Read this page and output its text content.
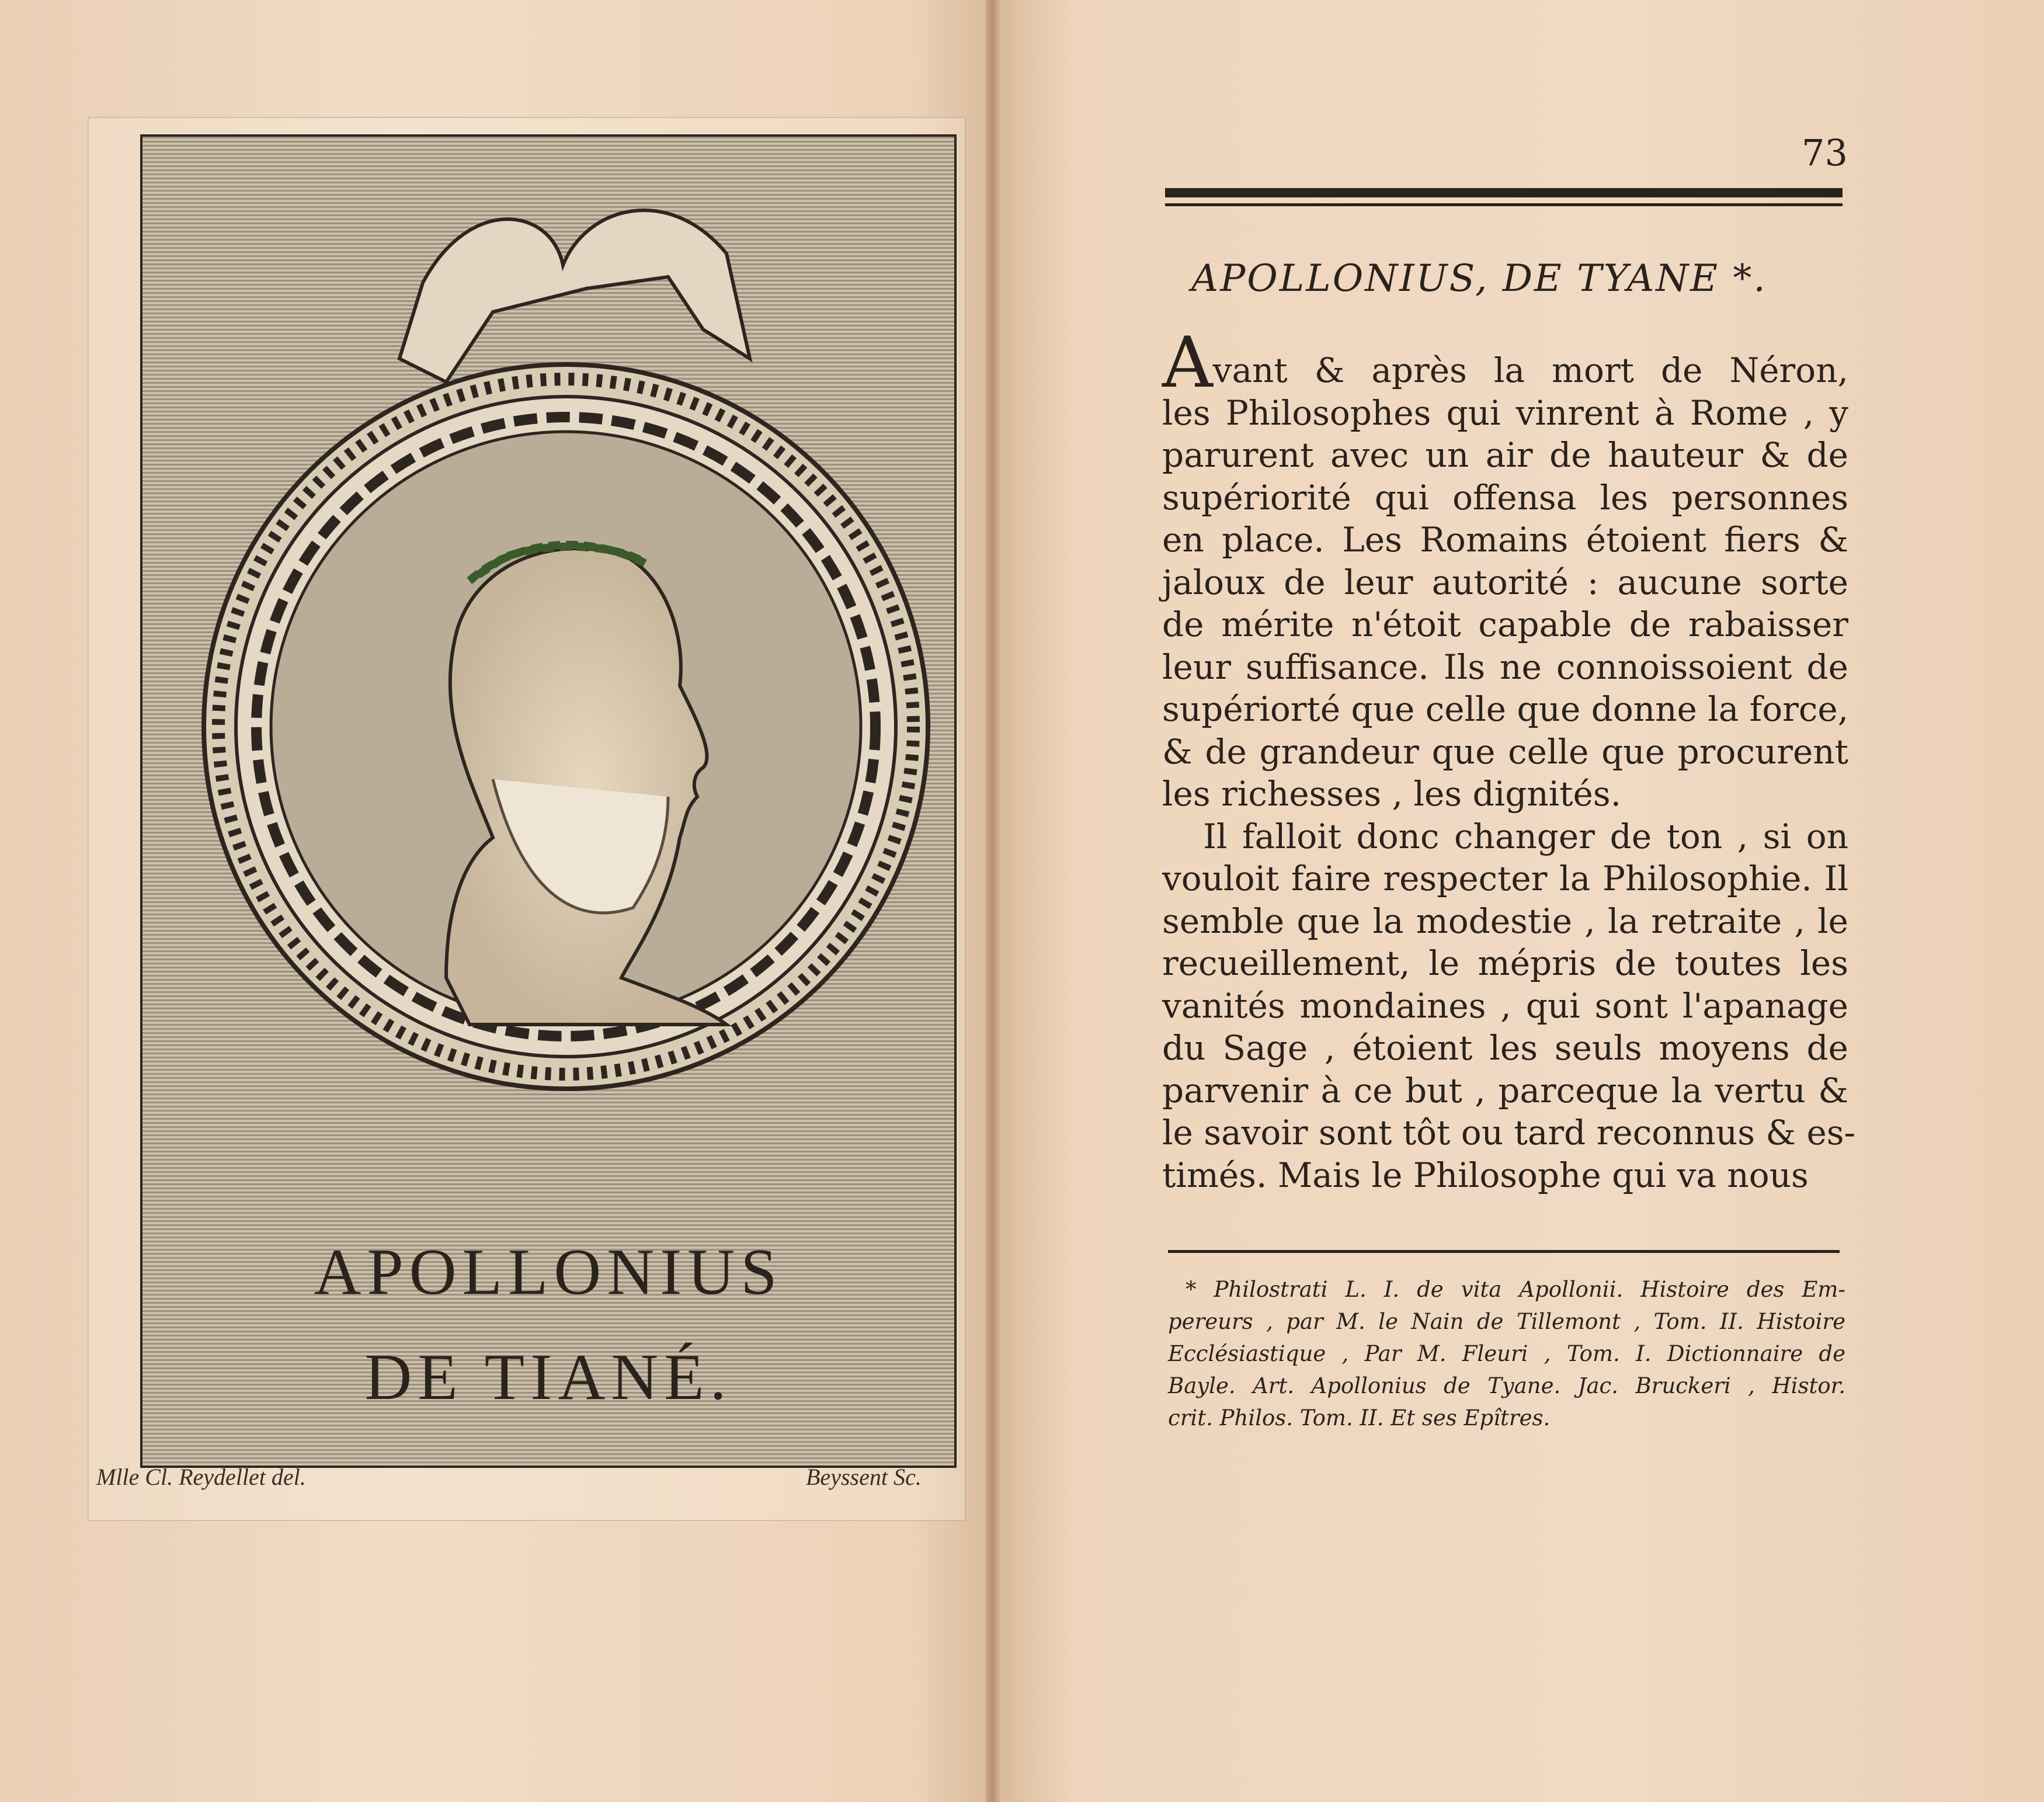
APOLLONIUS
DE TIANÉ.
Mlle Cl. Reydellet del.	Beyssent Sc.
73
APOLLONIUS, DE TYANE *.
Avant & après la mort de Néron,
les Philosophes qui vinrent à Rome , y
parurent avec un air de hauteur & de
supériorité qui offensa les personnes
en place. Les Romains étoient fiers &
jaloux de leur autorité : aucune sorte
de mérite n'étoit capable de rabaisser
leur suffisance. Ils ne connoissoient de
supériorté que celle que donne la force,
& de grandeur que celle que procurent
les richesses , les dignités.
Il falloit donc changer de ton , si on
vouloit faire respecter la Philosophie. Il
semble que la modestie , la retraite , le
recueillement, le mépris de toutes les
vanités mondaines , qui sont l'apanage
du Sage , étoient les seuls moyens de
parvenir à ce but , parceque la vertu &
le savoir sont tôt ou tard reconnus & es-
timés. Mais le Philosophe qui va nous
* Philostrati L. I. de vita Apollonii. Histoire des Em-
pereurs , par M. le Nain de Tillemont , Tom. II. Histoire
Ecclésiastique , Par M. Fleuri , Tom. I. Dictionnaire de
Bayle. Art. Apollonius de Tyane. Jac. Bruckeri , Histor.
crit. Philos. Tom. II. Et ses Epîtres.
